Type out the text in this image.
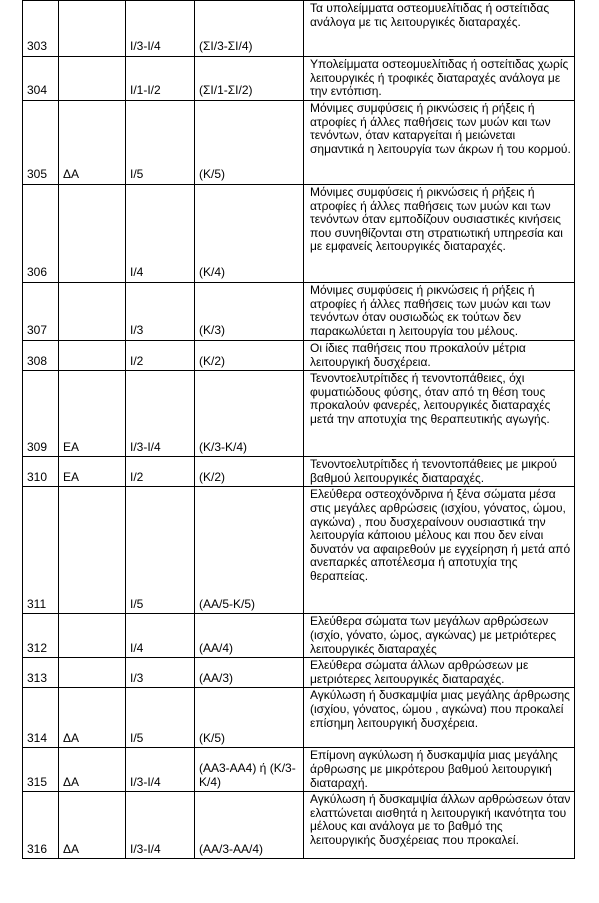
303		I/3-I/4	(ΣΙ/3-ΣΙ/4)	Τα υπολείμματα οστεομυελίτιδας ή οστείτιδας ανάλογα με τις λειτουργικές διαταραχές.
304		I/1-I/2	(ΣΙ/1-ΣΙ/2)	Υπολείμματα οστεομυελίτιδας ή οστείτιδας χωρίς λειτουργικές ή τροφικές διαταραχές ανάλογα με την εντόπιση.
305	ΔΑ	I/5	(Κ/5)	Μόνιμες συμφύσεις ή ρικνώσεις ή ρήξεις ή ατροφίες ή άλλες παθήσεις των μυών και των τενόντων, όταν καταργείται ή μειώνεται σημαντικά η λειτουργία των άκρων ή του κορμού.
306		I/4	(Κ/4)	Μόνιμες συμφύσεις ή ρικνώσεις ή ρήξεις ή ατροφίες ή άλλες παθήσεις των μυών και των τενόντων όταν εμποδίζουν ουσιαστικές κινήσεις που συνηθίζονται στη στρατιωτική υπηρεσία και με εμφανείς λειτουργικές διαταραχές.
307		I/3	(Κ/3)	Μόνιμες συμφύσεις ή ρικνώσεις ή ρήξεις ή ατροφίες ή άλλες παθήσεις των μυών και των τενόντων όταν ουσιωδώς εκ τούτων δεν παρακωλύεται η λειτουργία του μέλους.
308		I/2	(Κ/2)	Οι ίδιες παθήσεις που προκαλούν μέτρια λειτουργική δυσχέρεια.
309	ΕΑ	I/3-I/4	(Κ/3-Κ/4)	Τενοντοελυτρίτιδες ή τενοντοπάθειες, όχι φυματιώδους φύσης, όταν από τη θέση τους προκαλούν φανερές, λειτουργικές διαταραχές μετά την αποτυχία της θεραπευτικής αγωγής.
310	ΕΑ	I/2	(Κ/2)	Τενοντοελυτρίτιδες ή τενοντοπάθειες με μικρού βαθμού λειτουργικές διαταραχές.
311		I/5	(ΑΑ/5-Κ/5)	Ελεύθερα οστεοχόνδρινα ή ξένα σώματα μέσα στις μεγάλες αρθρώσεις (ισχίου, γόνατος, ώμου, αγκώνα) , που δυσχεραίνουν ουσιαστικά την λειτουργία κάποιου μέλους και που δεν είναι δυνατόν να αφαιρεθούν με εγχείρηση ή μετά από ανεπαρκές αποτέλεσμα ή αποτυχία της θεραπείας.
312		I/4	(ΑΑ/4)	Ελεύθερα σώματα των μεγάλων αρθρώσεων (ισχίο, γόνατο, ώμος, αγκώνας) με μετριότερες λειτουργικές διαταραχές
313		I/3	(ΑΑ/3)	Ελεύθερα σώματα άλλων αρθρώσεων με μετριότερες λειτουργικές διαταραχές.
314	ΔΑ	I/5	(Κ/5)	Αγκύλωση ή δυσκαμψία μιας μεγάλης άρθρωσης (ισχίου, γόνατος, ώμου , αγκώνα) που προκαλεί επίσημη λειτουργική δυσχέρεια.
315	ΔΑ	I/3-I/4	(ΑΑ3-ΑΑ4) ή (Κ/3-Κ/4)	Επίμονη αγκύλωση ή δυσκαμψία μιας μεγάλης άρθρωσης με μικρότερου βαθμού λειτουργική διαταραχή.
316	ΔΑ	I/3-I/4	(ΑΑ/3-ΑΑ/4)	Αγκύλωση ή δυσκαμψία άλλων αρθρώσεων όταν ελαττώνεται αισθητά η λειτουργική ικανότητα του μέλους και ανάλογα με το βαθμό της λειτουργικής δυσχέρειας που προκαλεί.
